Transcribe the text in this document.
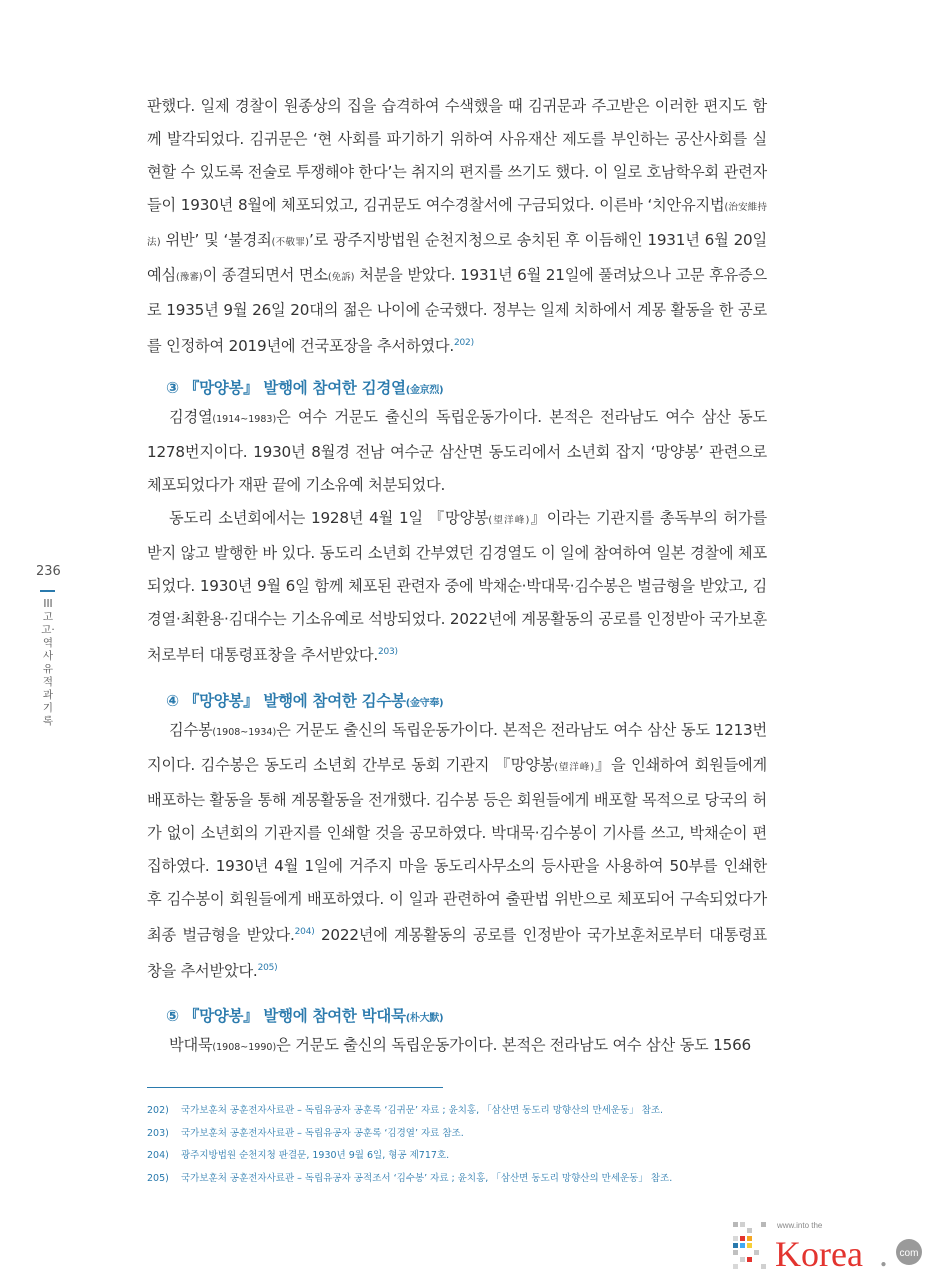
236
III 고고·역사 유적과 기록

판했다. 일제 경찰이 원종상의 집을 습격하여 수색했을 때 김귀문과 주고받은 이러한 편지도 함께 발각되었다. 김귀문은 ‘현 사회를 파기하기 위하여 사유재산 제도를 부인하는 공산사회를 실현할 수 있도록 전술로 투쟁해야 한다’는 취지의 편지를 쓰기도 했다. 이 일로 호남학우회 관련자들이 1930년 8월에 체포되었고, 김귀문도 여수경찰서에 구금되었다. 이른바 ‘치안유지법(治安維持法) 위반’ 및 ‘불경죄(不敬罪)’로 광주지방법원 순천지청으로 송치된 후 이듬해인 1931년 6월 20일 예심(豫審)이 종결되면서 면소(免訴) 처분을 받았다. 1931년 6월 21일에 풀려났으나 고문 후유증으로 1935년 9월 26일 20대의 젊은 나이에 순국했다. 정부는 일제 치하에서 계몽 활동을 한 공로를 인정하여 2019년에 건국포장을 추서하였다.$^{202)}$

③ 『망양봉』 발행에 참여한 김경열(金京烈)

김경열(1914~1983)은 여수 거문도 출신의 독립운동가이다. 본적은 전라남도 여수 삼산 동도 1278번지이다. 1930년 8월경 전남 여수군 삼산면 동도리에서 소년회 잡지 ‘망양봉’ 관련으로 체포되었다가 재판 끝에 기소유예 처분되었다.

동도리 소년회에서는 1928년 4월 1일 『망양봉(望洋峰)』이라는 기관지를 총독부의 허가를 받지 않고 발행한 바 있다. 동도리 소년회 간부였던 김경열도 이 일에 참여하여 일본 경찰에 체포되었다. 1930년 9월 6일 함께 체포된 관련자 중에 박채순·박대묵·김수봉은 벌금형을 받았고, 김경열·최환용·김대수는 기소유예로 석방되었다. 2022년에 계몽활동의 공로를 인정받아 국가보훈처로부터 대통령표창을 추서받았다.$^{203)}$

④ 『망양봉』 발행에 참여한 김수봉(金守奉)

김수봉(1908~1934)은 거문도 출신의 독립운동가이다. 본적은 전라남도 여수 삼산 동도 1213번지이다. 김수봉은 동도리 소년회 간부로 동회 기관지 『망양봉(望洋峰)』을 인쇄하여 회원들에게 배포하는 활동을 통해 계몽활동을 전개했다. 김수봉 등은 회원들에게 배포할 목적으로 당국의 허가 없이 소년회의 기관지를 인쇄할 것을 공모하였다. 박대묵·김수봉이 기사를 쓰고, 박채순이 편집하였다. 1930년 4월 1일에 거주지 마을 동도리사무소의 등사판을 사용하여 50부를 인쇄한 후 김수봉이 회원들에게 배포하였다. 이 일과 관련하여 출판법 위반으로 체포되어 구속되었다가 최종 벌금형을 받았다.$^{204)}$ 2022년에 계몽활동의 공로를 인정받아 국가보훈처로부터 대통령표창을 추서받았다.$^{205)}$

⑤ 『망양봉』 발행에 참여한 박대묵(朴大默)

박대묵(1908~1990)은 거문도 출신의 독립운동가이다. 본적은 전라남도 여수 삼산 동도 1566

202) 국가보훈처 공훈전자사료관 – 독립유공자 공훈록 ‘김귀문’ 자료 ; 윤치홍, 「삼산면 동도리 망향산의 만세운동」 참조.
203) 국가보훈처 공훈전자사료관 – 독립유공자 공훈록 ‘김경열’ 자료 참조.
204) 광주지방법원 순천지청 판결문, 1930년 9월 6일, 형공 제717호.
205) 국가보훈처 공훈전자사료관 – 독립유공자 공적조서 ‘김수봉’ 자료 ; 윤치홍, 「삼산면 동도리 망향산의 만세운동」 참조.
www.into the
Korea . com
